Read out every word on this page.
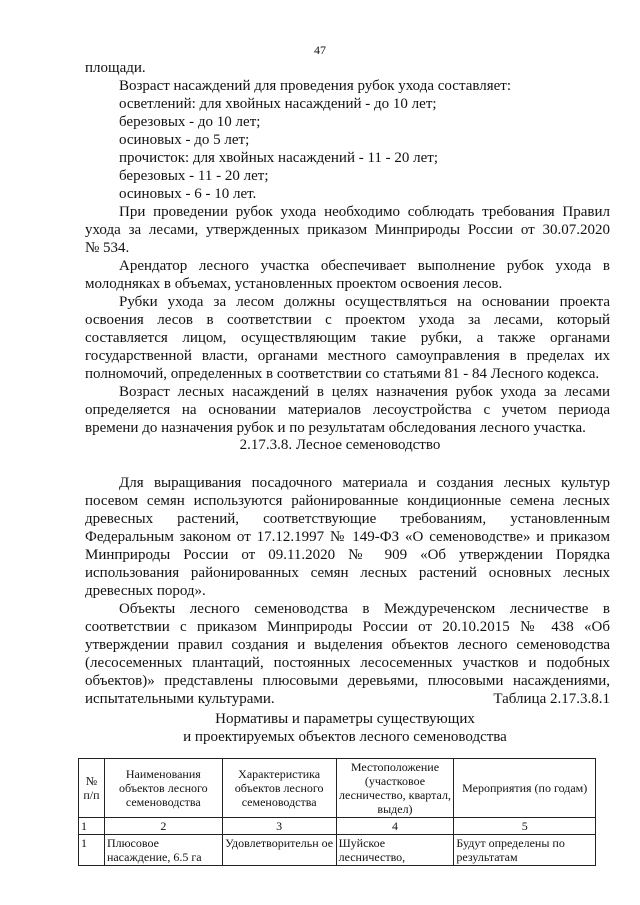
47
площади.
Возраст насаждений для проведения рубок ухода составляет:
осветлений: для хвойных насаждений - до 10 лет;
березовых - до 10 лет;
осиновых - до 5 лет;
прочисток: для хвойных насаждений - 11 - 20 лет;
березовых - 11 - 20 лет;
осиновых - 6 - 10 лет.
При проведении рубок ухода необходимо соблюдать требования Правил
ухода за лесами, утвержденных приказом Минприроды России от 30.07.2020
№ 534.
Арендатор лесного участка обеспечивает выполнение рубок ухода в
молодняках в объемах, установленных проектом освоения лесов.
Рубки ухода за лесом должны осуществляться на основании проекта
освоения лесов в соответствии с проектом ухода за лесами, который
составляется лицом, осуществляющим такие рубки, а также органами
государственной власти, органами местного самоуправления в пределах их
полномочий, определенных в соответствии со статьями 81 - 84 Лесного кодекса.
Возраст лесных насаждений в целях назначения рубок ухода за лесами
определяется на основании материалов лесоустройства с учетом периода
времени до назначения рубок и по результатам обследования лесного участка.
2.17.3.8. Лесное семеноводство
Для выращивания посадочного материала и создания лесных культур
посевом семян используются районированные кондиционные семена лесных
древесных растений, соответствующие требованиям, установленным
Федеральным законом от 17.12.1997 № 149-ФЗ «О семеноводстве» и приказом
Минприроды России от 09.11.2020 № 909 «Об утверждении Порядка
использования районированных семян лесных растений основных лесных
древесных пород».
Объекты лесного семеноводства в Междуреченском лесничестве в
соответствии с приказом Минприроды России от 20.10.2015 № 438 «Об
утверждении правил создания и выделения объектов лесного семеноводства
(лесосеменных плантаций, постоянных лесосеменных участков и подобных
объектов)» представлены плюсовыми деревьями, плюсовыми насаждениями,
испытательными культурами.	Таблица 2.17.3.8.1
Нормативы и параметры существующих
и проектируемых объектов лесного семеноводства
№ п/п	Наименования объектов лесного семеноводства	Характеристика объектов лесного семеноводства	Местоположение (участковое лесничество, квартал, выдел)	Мероприятия (по годам)
1	2	3	4	5
1	Плюсовое насаждение, 6.5 га	Удовлетворительн ое	Шуйское лесничество,	Будут определены по результатам
